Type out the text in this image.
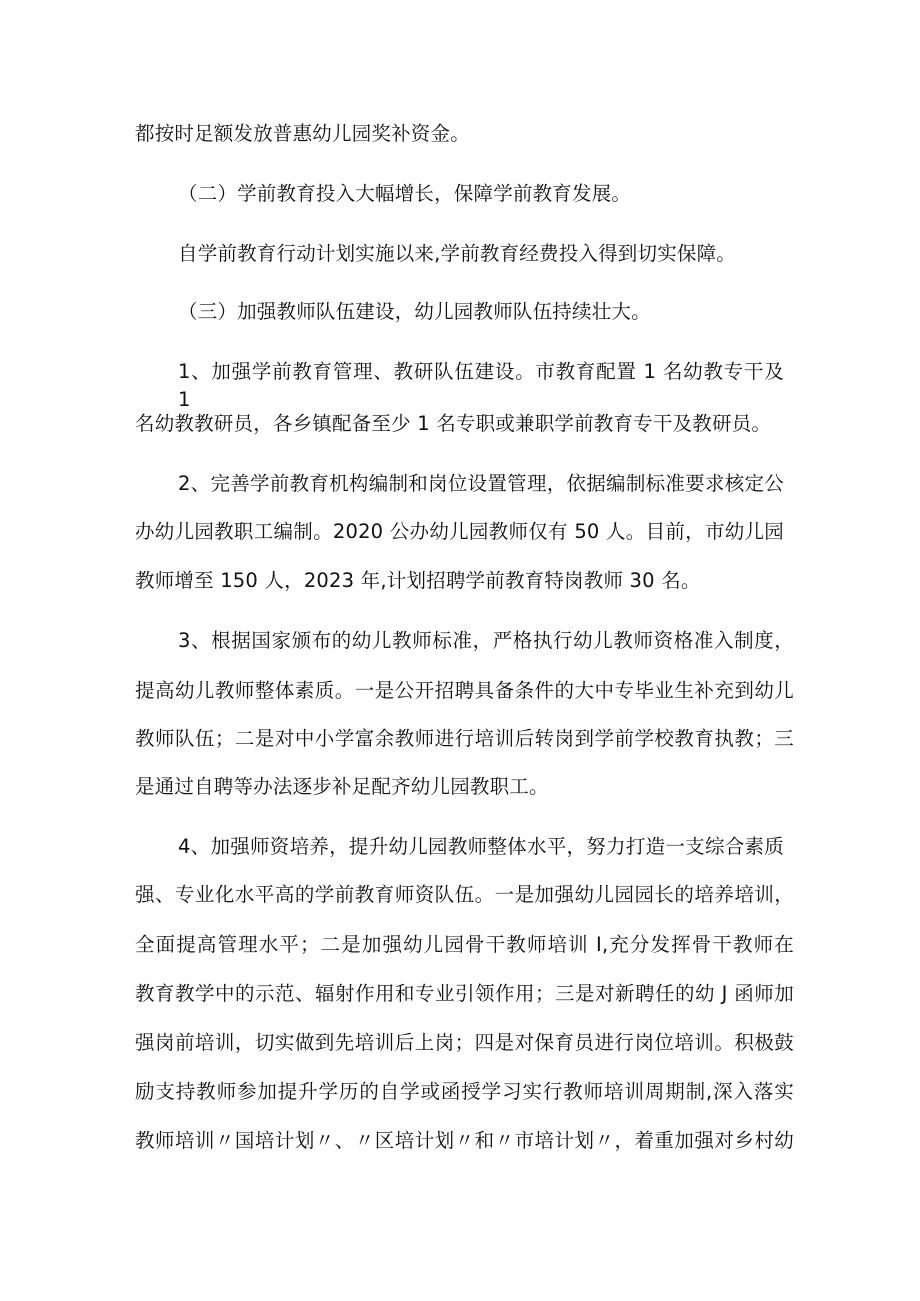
都按时足额发放普惠幼儿园奖补资金。
（二）学前教育投入大幅增长，保障学前教育发展。
自学前教育行动计划实施以来,学前教育经费投入得到切实保障。
（三）加强教师队伍建设，幼儿园教师队伍持续壮大。
1、加强学前教育管理、教研队伍建设。市教育配置 1 名幼教专干及 1
名幼教教研员，各乡镇配备至少 1 名专职或兼职学前教育专干及教研员。
2、完善学前教育机构编制和岗位设置管理，依据编制标准要求核定公
办幼儿园教职工编制。2020 公办幼儿园教师仅有 50 人。目前，市幼儿园
教师增至 150 人，2023 年,计划招聘学前教育特岗教师 30 名。
3、根据国家颁布的幼儿教师标准，严格执行幼儿教师资格准入制度，
提高幼儿教师整体素质。一是公开招聘具备条件的大中专毕业生补充到幼儿
教师队伍；二是对中小学富余教师进行培训后转岗到学前学校教育执教；三
是通过自聘等办法逐步补足配齐幼儿园教职工。
4、加强师资培养，提升幼儿园教师整体水平，努力打造一支综合素质
强、专业化水平高的学前教育师资队伍。一是加强幼儿园园长的培养培训，
全面提高管理水平；二是加强幼儿园骨干教师培训 I,充分发挥骨干教师在
教育教学中的示范、辐射作用和专业引领作用；三是对新聘任的幼 J 函师加
强岗前培训，切实做到先培训后上岗；四是对保育员进行岗位培训。积极鼓
励支持教师参加提升学历的自学或函授学习实行教师培训周期制,深入落实
教师培训〃国培计划〃、〃区培计划〃和〃市培计划〃，着重加强对乡村幼
